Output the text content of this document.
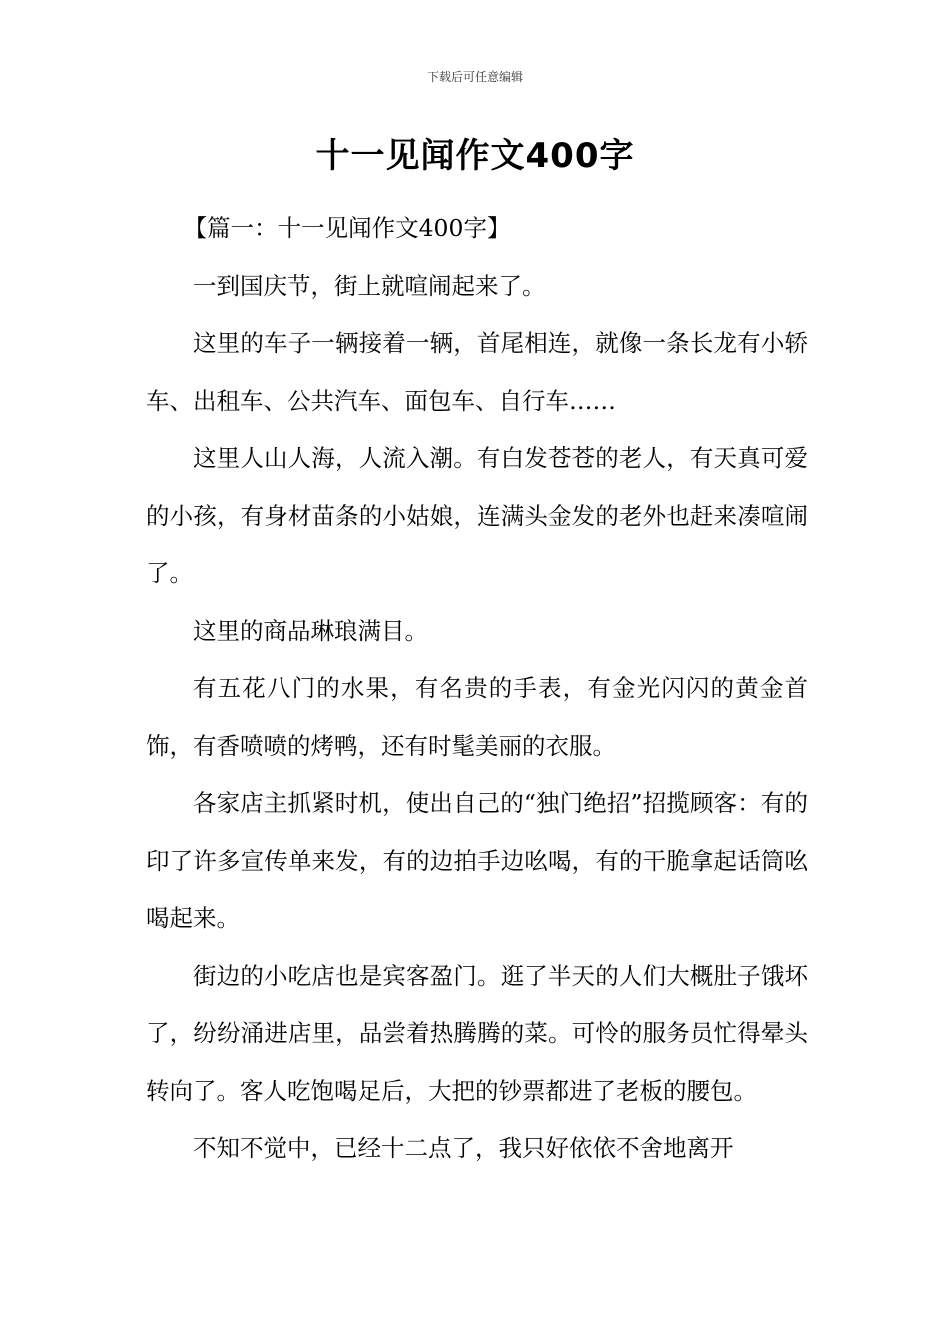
下载后可任意编辑
十一见闻作文400字

【篇一：十一见闻作文400字】

一到国庆节，街上就喧闹起来了。

这里的车子一辆接着一辆，首尾相连，就像一条长龙有小轿车、出租车、公共汽车、面包车、自行车……

这里人山人海，人流入潮。有白发苍苍的老人，有天真可爱的小孩，有身材苗条的小姑娘，连满头金发的老外也赶来凑喧闹了。

这里的商品琳琅满目。

有五花八门的水果，有名贵的手表，有金光闪闪的黄金首饰，有香喷喷的烤鸭，还有时髦美丽的衣服。

各家店主抓紧时机，使出自己的“独门绝招”招揽顾客：有的印了许多宣传单来发，有的边拍手边吆喝，有的干脆拿起话筒吆喝起来。

街边的小吃店也是宾客盈门。逛了半天的人们大概肚子饿坏了，纷纷涌进店里，品尝着热腾腾的菜。可怜的服务员忙得晕头转向了。客人吃饱喝足后，大把的钞票都进了老板的腰包。

不知不觉中，已经十二点了，我只好依依不舍地离开
